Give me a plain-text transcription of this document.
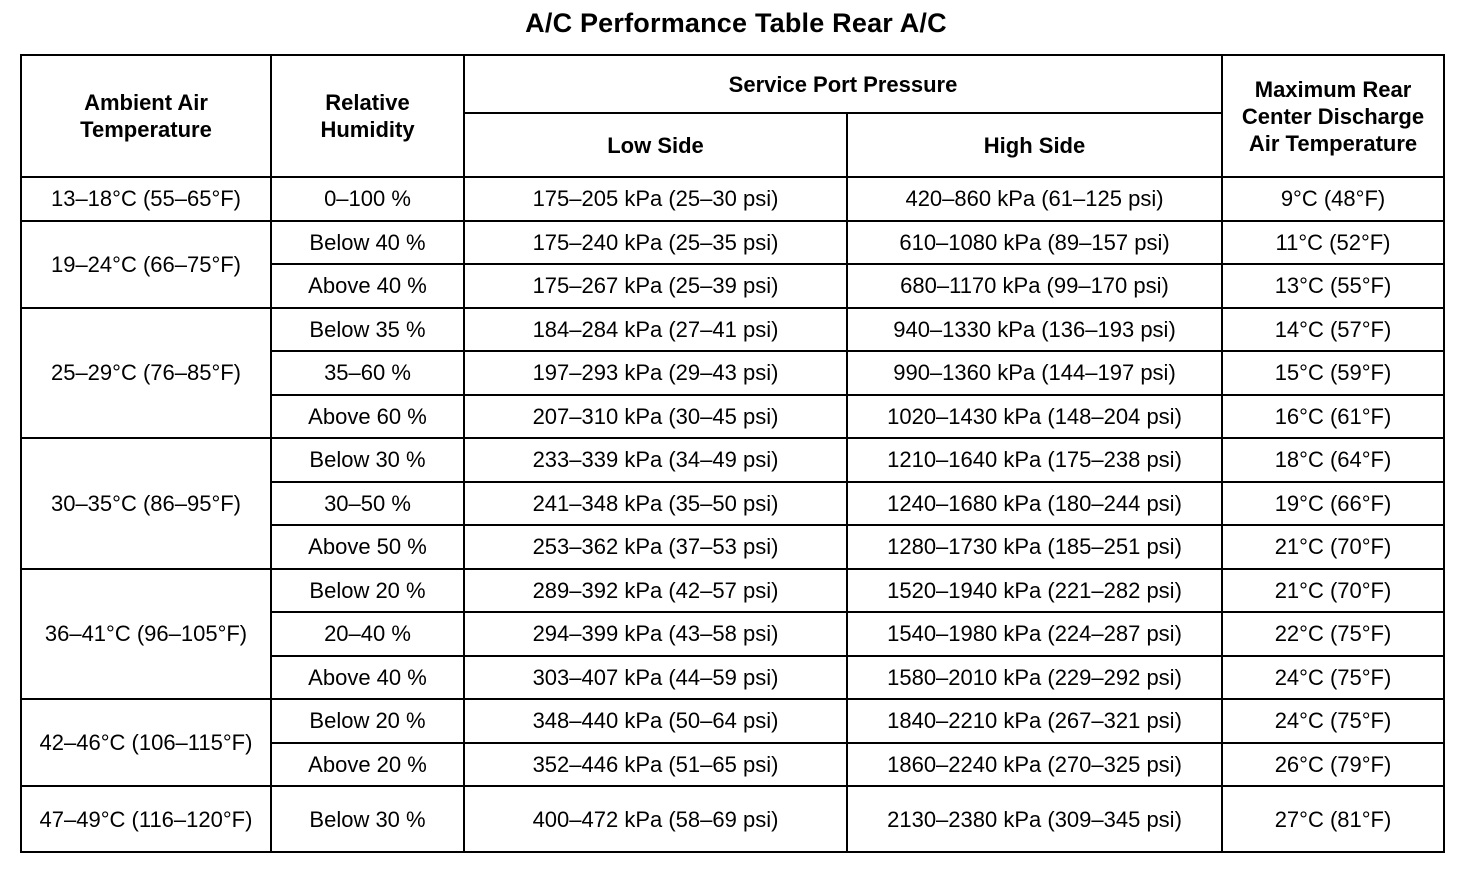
A/C Performance Table Rear A/C
Ambient Air Temperature	Relative Humidity	Service Port Pressure		Maximum Rear Center Discharge Air Temperature
		Low Side	High Side	
13–18°C (55–65°F)	0–100 %	175–205 kPa (25–30 psi)	420–860 kPa (61–125 psi)	9°C (48°F)
19–24°C (66–75°F)	Below 40 %	175–240 kPa (25–35 psi)	610–1080 kPa (89–157 psi)	11°C (52°F)
	Above 40 %	175–267 kPa (25–39 psi)	680–1170 kPa (99–170 psi)	13°C (55°F)
25–29°C (76–85°F)	Below 35 %	184–284 kPa (27–41 psi)	940–1330 kPa (136–193 psi)	14°C (57°F)
	35–60 %	197–293 kPa (29–43 psi)	990–1360 kPa (144–197 psi)	15°C (59°F)
	Above 60 %	207–310 kPa (30–45 psi)	1020–1430 kPa (148–204 psi)	16°C (61°F)
30–35°C (86–95°F)	Below 30 %	233–339 kPa (34–49 psi)	1210–1640 kPa (175–238 psi)	18°C (64°F)
	30–50 %	241–348 kPa (35–50 psi)	1240–1680 kPa (180–244 psi)	19°C (66°F)
	Above 50 %	253–362 kPa (37–53 psi)	1280–1730 kPa (185–251 psi)	21°C (70°F)
36–41°C (96–105°F)	Below 20 %	289–392 kPa (42–57 psi)	1520–1940 kPa (221–282 psi)	21°C (70°F)
	20–40 %	294–399 kPa (43–58 psi)	1540–1980 kPa (224–287 psi)	22°C (75°F)
	Above 40 %	303–407 kPa (44–59 psi)	1580–2010 kPa (229–292 psi)	24°C (75°F)
42–46°C (106–115°F)	Below 20 %	348–440 kPa (50–64 psi)	1840–2210 kPa (267–321 psi)	24°C (75°F)
	Above 20 %	352–446 kPa (51–65 psi)	1860–2240 kPa (270–325 psi)	26°C (79°F)
47–49°C (116–120°F)	Below 30 %	400–472 kPa (58–69 psi)	2130–2380 kPa (309–345 psi)	27°C (81°F)
